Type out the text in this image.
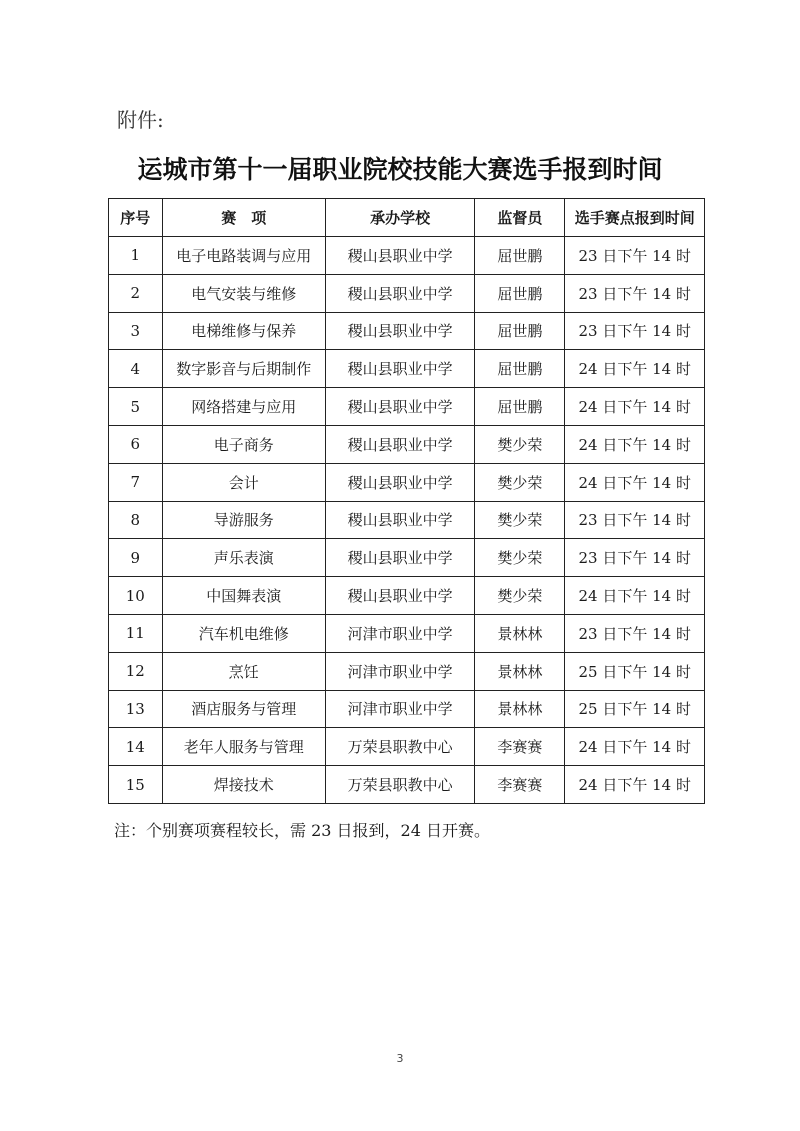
附件:
运城市第十一届职业院校技能大赛选手报到时间
序号	赛　项	承办学校	监督员	选手赛点报到时间
1	电子电路装调与应用	稷山县职业中学	屈世鹏	23 日下午 14 时
2	电气安装与维修	稷山县职业中学	屈世鹏	23 日下午 14 时
3	电梯维修与保养	稷山县职业中学	屈世鹏	23 日下午 14 时
4	数字影音与后期制作	稷山县职业中学	屈世鹏	24 日下午 14 时
5	网络搭建与应用	稷山县职业中学	屈世鹏	24 日下午 14 时
6	电子商务	稷山县职业中学	樊少荣	24 日下午 14 时
7	会计	稷山县职业中学	樊少荣	24 日下午 14 时
8	导游服务	稷山县职业中学	樊少荣	23 日下午 14 时
9	声乐表演	稷山县职业中学	樊少荣	23 日下午 14 时
10	中国舞表演	稷山县职业中学	樊少荣	24 日下午 14 时
11	汽车机电维修	河津市职业中学	景林林	23 日下午 14 时
12	烹饪	河津市职业中学	景林林	25 日下午 14 时
13	酒店服务与管理	河津市职业中学	景林林	25 日下午 14 时
14	老年人服务与管理	万荣县职教中心	李赛赛	24 日下午 14 时
15	焊接技术	万荣县职教中心	李赛赛	24 日下午 14 时
注：个别赛项赛程较长，需 23 日报到，24 日开赛。
3
